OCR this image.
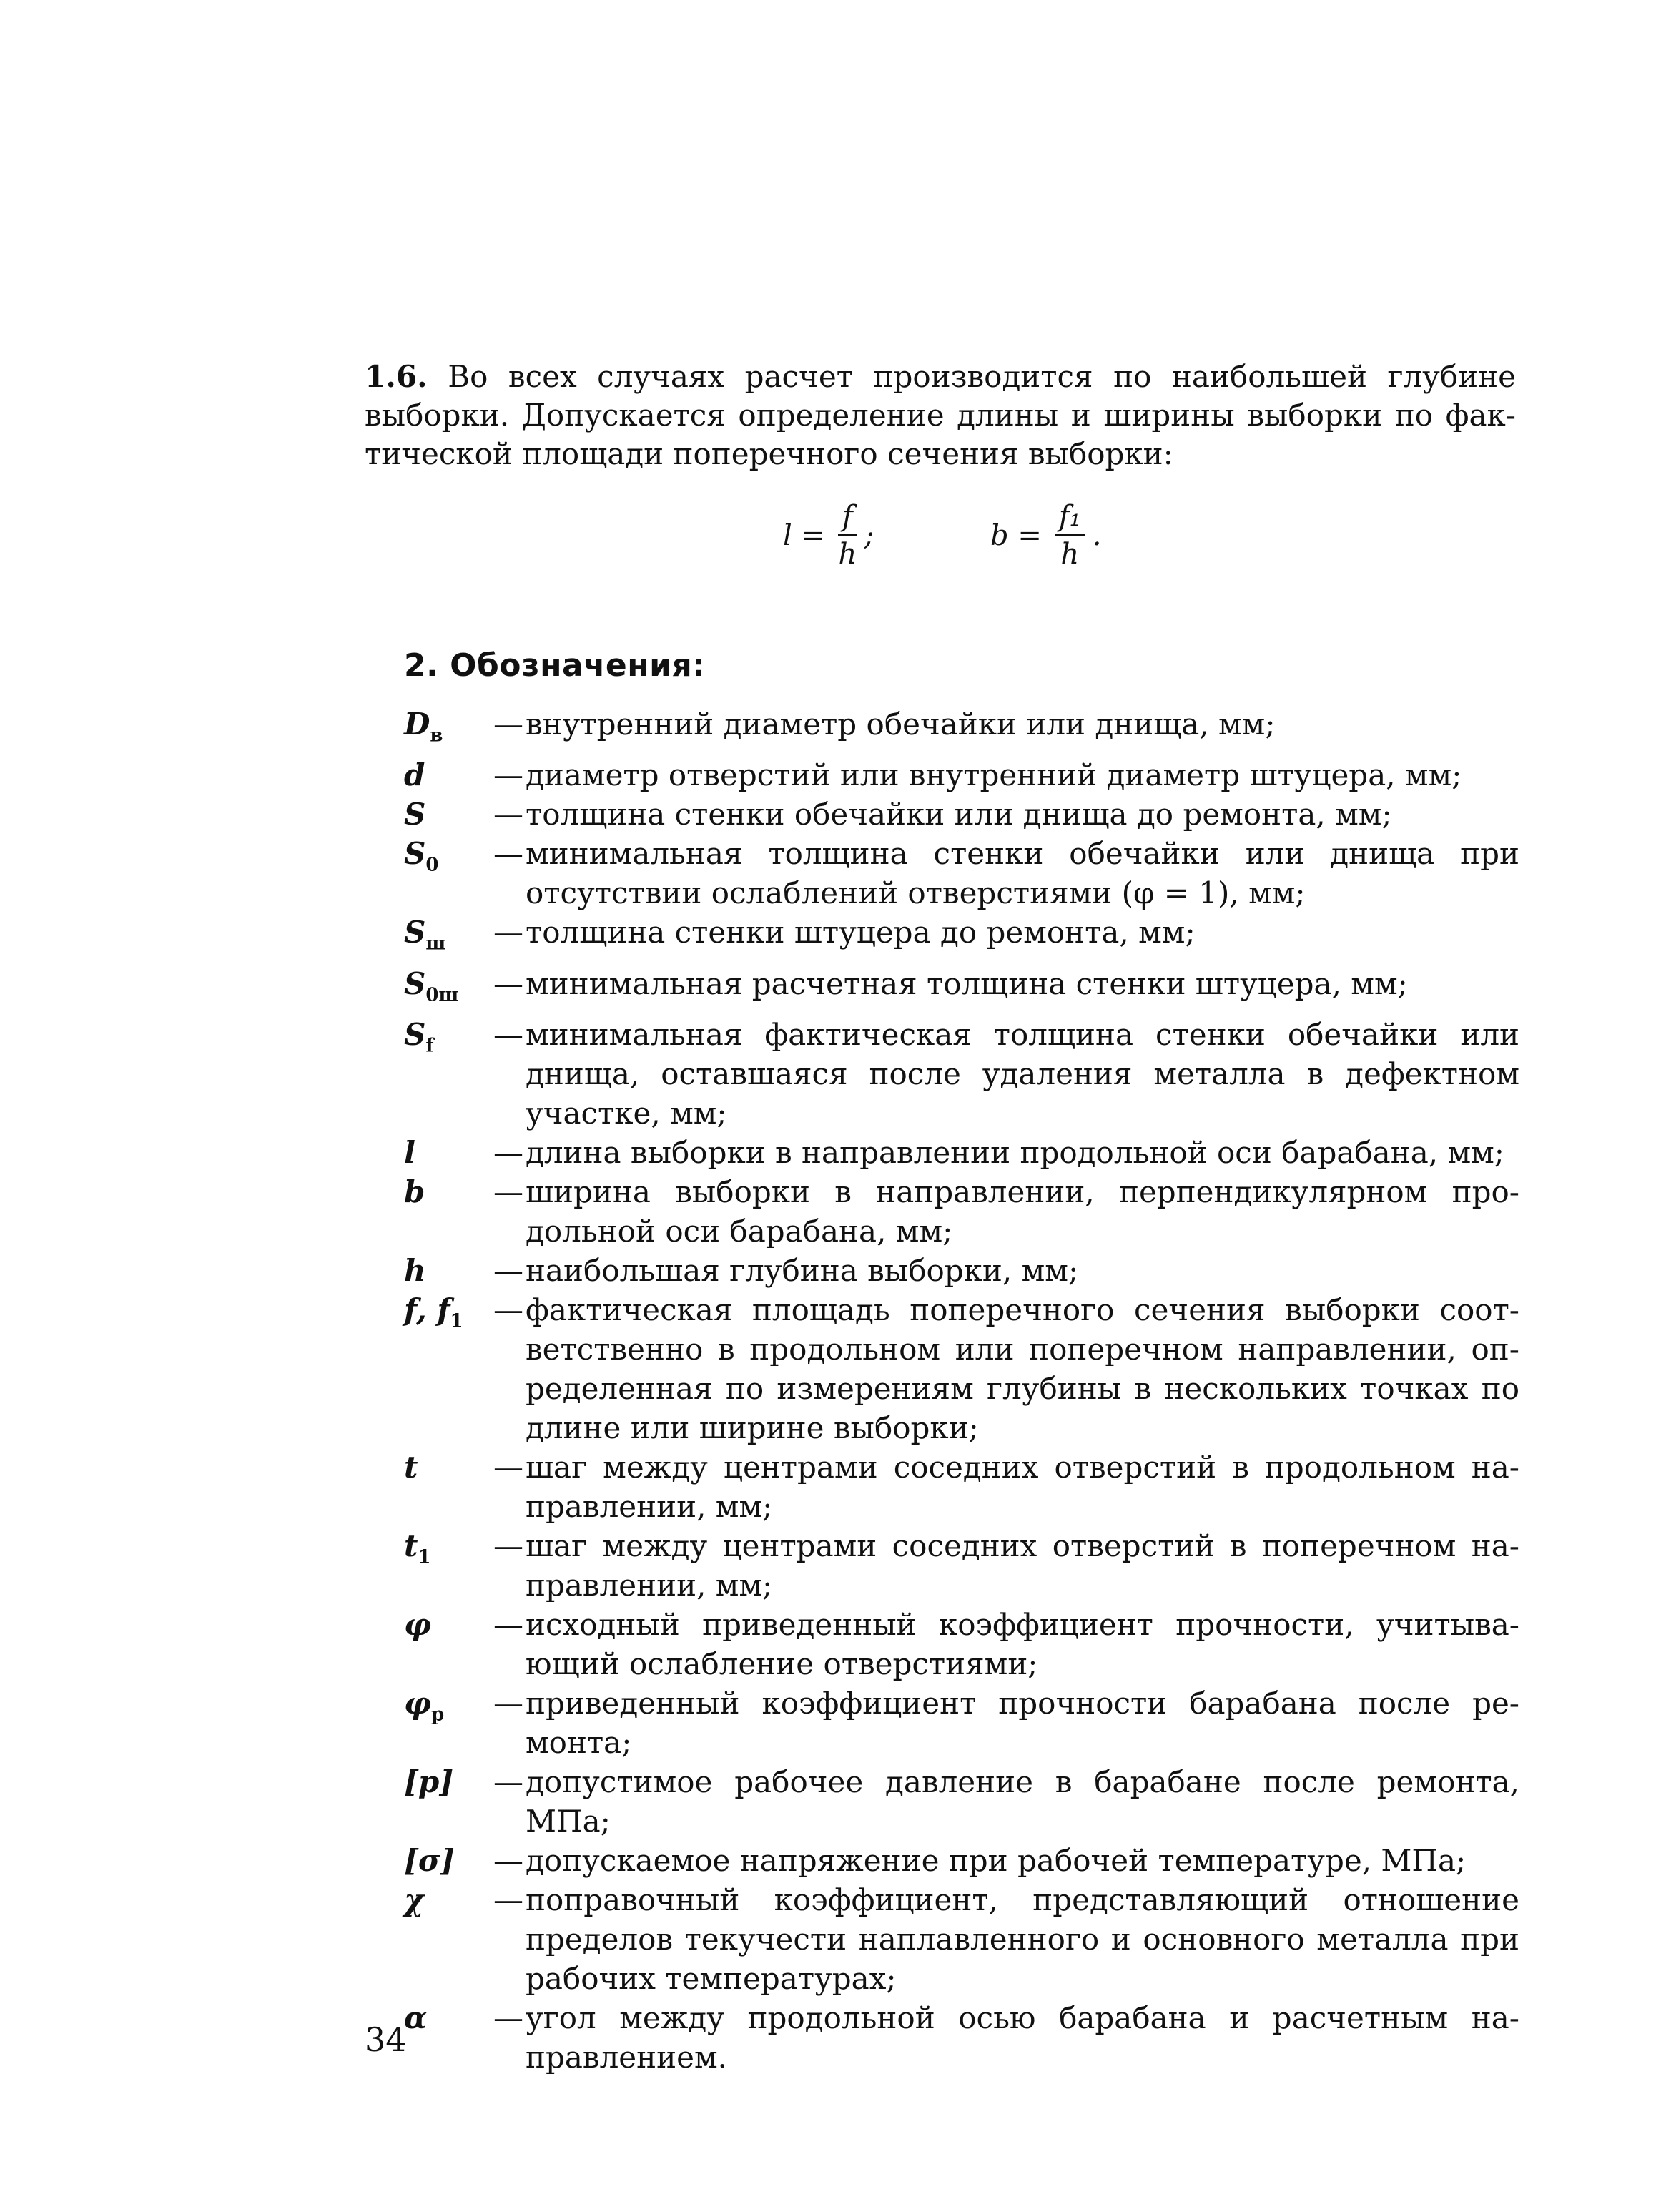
1.6. Во всех случаях расчет производится по наибольшей глубине
выборки. Допускается определение длины и ширины выборки по фак-
тической площади поперечного сечения выборки:
$l = \frac{f}{h}$ ;	$b = \frac{\text{f₁}}{h}$ .
2. Обозначения:
$D_в$	— внутренний диаметр обечайки или днища, мм;
d	— диаметр отверстий или внутренний диаметр штуцера, мм;
S	— толщина стенки обечайки или днища до ремонта, мм;
$S_0$	— минимальная толщина стенки обечайки или днища при
отсутствии ослаблений отверстиями (φ = 1), мм;
$S_ш$	— толщина стенки штуцера до ремонта, мм;
$S_{0ш}$	— минимальная расчетная толщина стенки штуцера, мм;
$S_f$	— минимальная фактическая толщина стенки обечайки или
днища, оставшаяся после удаления металла в дефектном
участке, мм;
l	— длина выборки в направлении продольной оси барабана, мм;
b	— ширина выборки в направлении, перпендикулярном про-
дольной оси барабана, мм;
h	— наибольшая глубина выборки, мм;
f, $f_1$	— фактическая площадь поперечного сечения выборки соот-
ветственно в продольном или поперечном направлении, оп-
ределенная по измерениям глубины в нескольких точках по
длине или ширине выборки;
t	— шаг между центрами соседних отверстий в продольном на-
правлении, мм;
$t_1$	— шаг между центрами соседних отверстий в поперечном на-
правлении, мм;
φ	— исходный приведенный коэффициент прочности, учитыва-
ющий ослабление отверстиями;
$\varphi_p$	— приведенный коэффициент прочности барабана после ре-
монта;
[p]	— допустимое рабочее давление в барабане после ремонта, МПа;
[σ]	— допускаемое напряжение при рабочей температуре, МПа;
χ	— поправочный коэффициент, представляющий отношение
пределов текучести наплавленного и основного металла при
рабочих температурах;
α	— угол между продольной осью барабана и расчетным на-
правлением.
34
